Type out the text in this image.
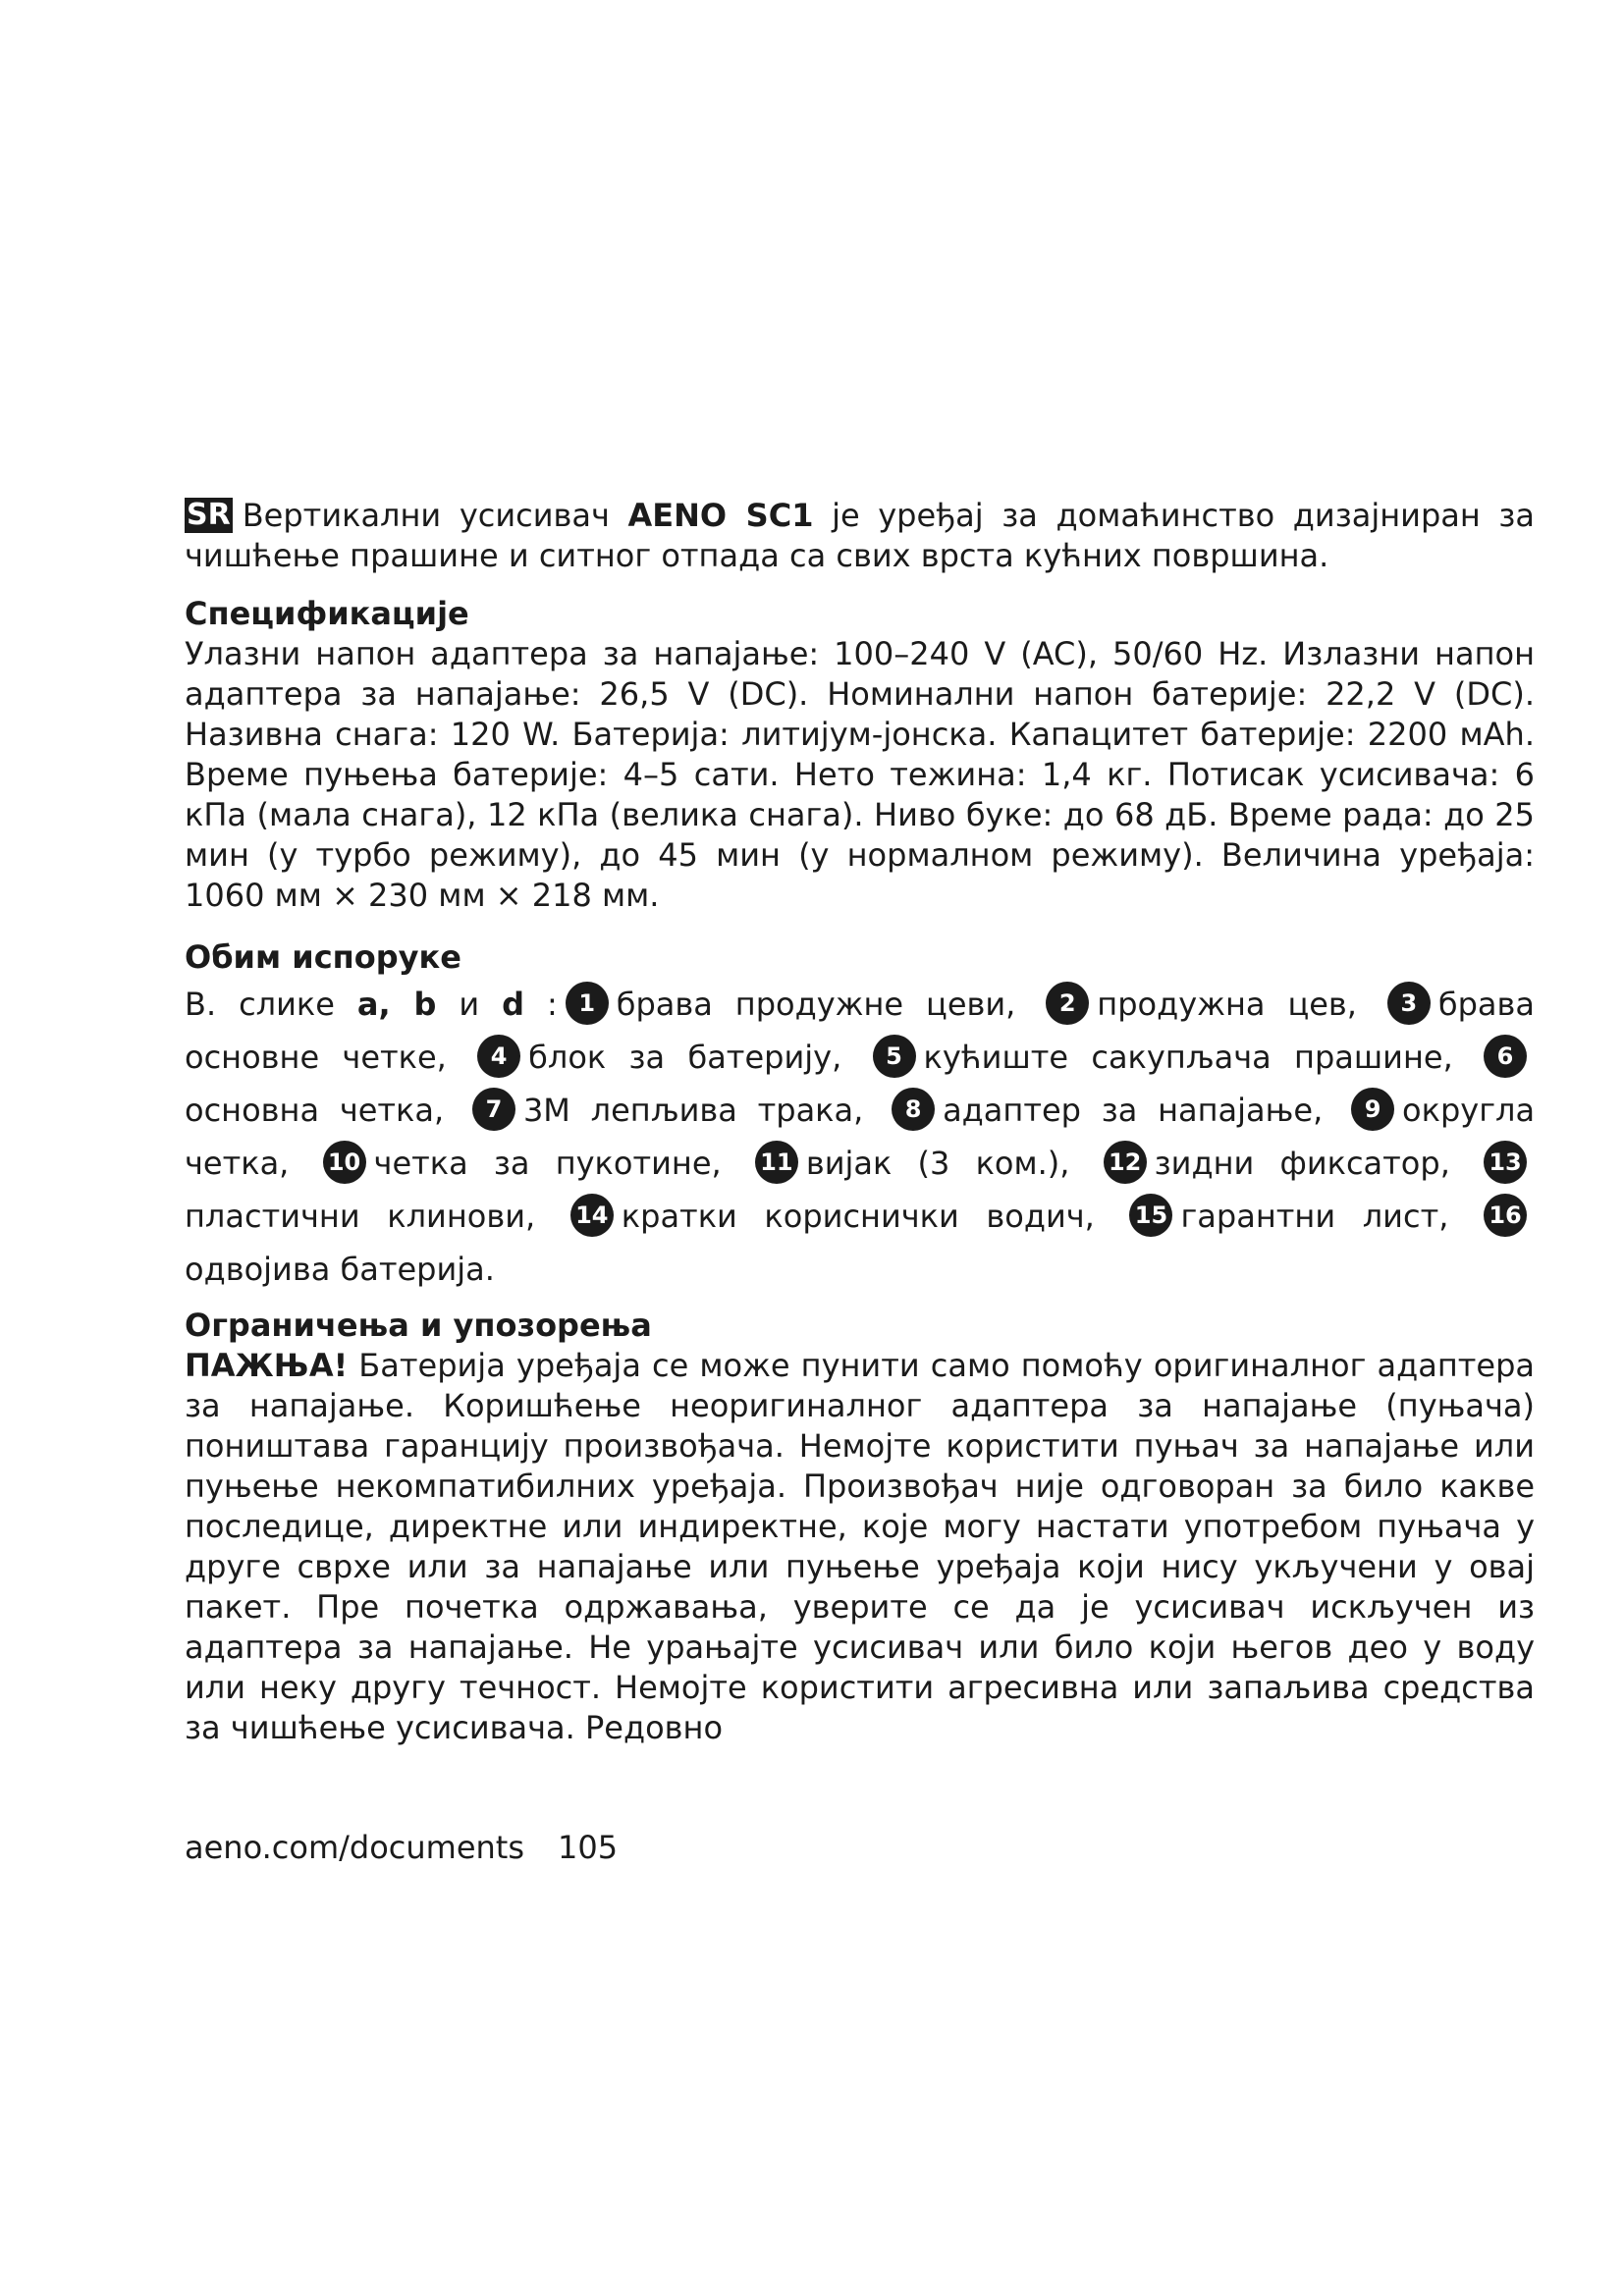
SR Вертикални усисивач AENO SC1 је уређај за домаћинство дизајниран за чишћење прашине и ситног отпада са свих врста кућних површина.

Спецификације

Улазни напон адаптера за напајање: 100–240 V (AC), 50/60 Hz. Излазни напон адаптера за напајање: 26,5 V (DC). Номинални напон батерије: 22,2 V (DC). Називна снага: 120 W. Батерија: литијум-јонска. Капацитет батерије: 2200 мАh. Време пуњења батерије: 4–5 сати. Нето тежина: 1,4 кг. Потисак усисивача: 6 кПа (мала снага), 12 кПа (велика снага). Ниво буке: до 68 дБ. Време рада: до 25 мин (у турбо режиму), до 45 мин (у нормалном режиму). Величина уређаја: 1060 мм × 230 мм × 218 мм.

Обим испоруке

В. слике a, b и d : 1 брава продужне цеви, 2 продужна цев, 3 брава основне четке, 4 блок за батерију, 5 кућиште сакупљача прашине, 6основна четка, 7 3M лепљива трака, 8 адаптер за напајање, 9 округла четка, 10 четка за пукотине, 11 вијак (3 ком.), 12 зидни фиксатор, 13пластични клинови, 14 кратки кориснички водич, 15 гарантни лист, 16одвојива батерија.

Ограничења и упозорења

ПАЖЊА! Батерија уређаја се може пунити само помоћу оригиналног адаптера за напајање. Коришћење неоригиналног адаптера за напајање (пуњача) поништава гаранцију произвођача. Немојте користити пуњач за напајање или пуњење некомпатибилних уређаја. Произвођач није одговоран за било какве последице, директне или индиректне, које могу настати употребом пуњача у друге сврхе или за напајање или пуњење уређаја који нису укључени у овај пакет. Пре почетка одржавања, уверите се да је усисивач искључен из адаптера за напајање. Не урањајте усисивач или било који његов део у воду или неку другу течност. Немојте користити агресивна или запаљива средства за чишћење усисивача. Редовно

aeno.com/documents 105
